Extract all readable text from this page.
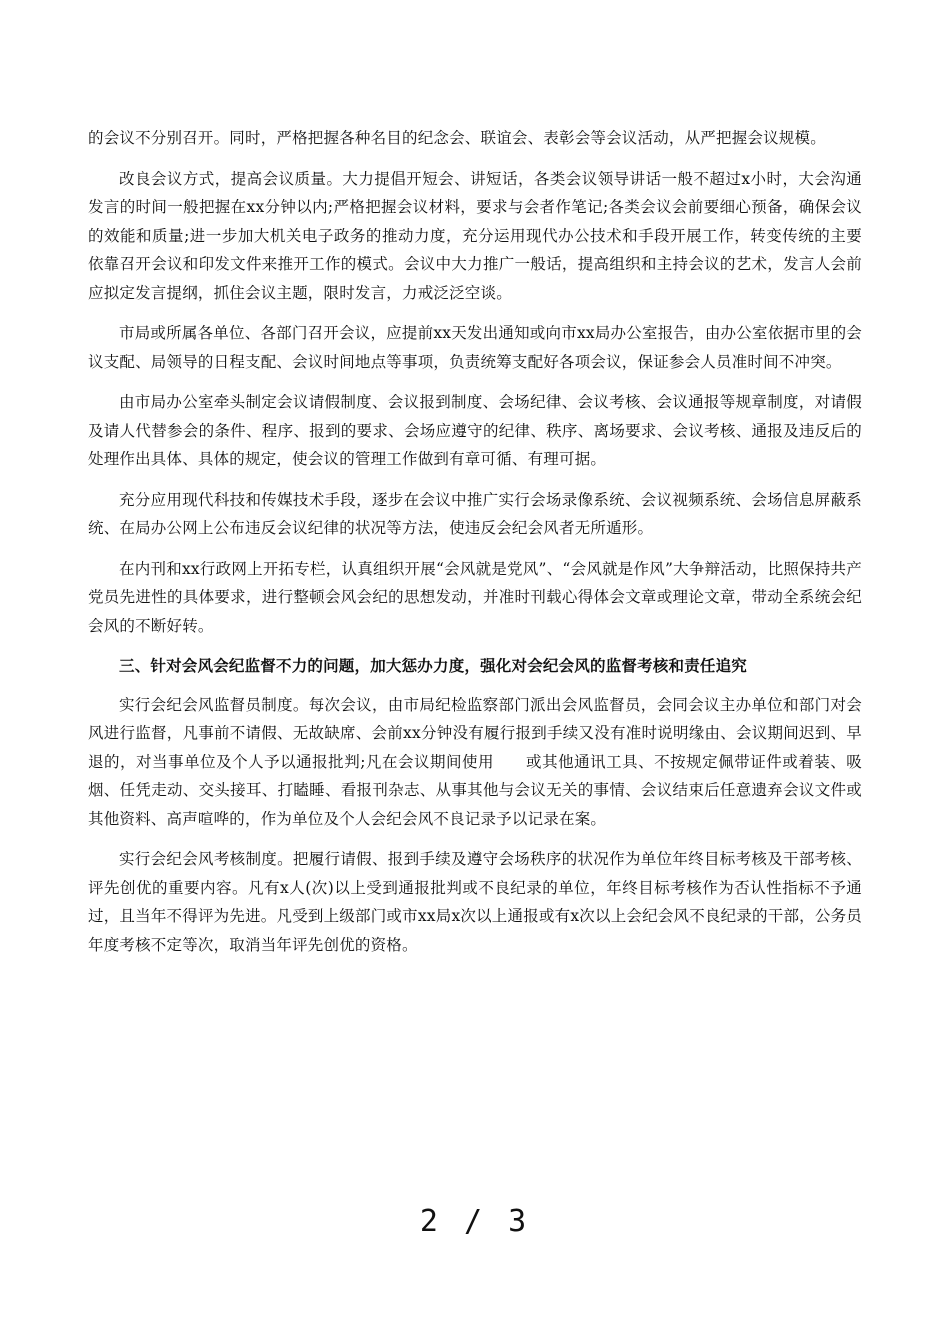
的会议不分别召开。同时，严格把握各种名目的纪念会、联谊会、表彰会等会议活动，从严把握会议规模。

改良会议方式，提高会议质量。大力提倡开短会、讲短话，各类会议领导讲话一般不超过x小时，大会沟通发言的时间一般把握在xx分钟以内;严格把握会议材料，要求与会者作笔记;各类会议会前要细心预备，确保会议的效能和质量;进一步加大机关电子政务的推动力度，充分运用现代办公技术和手段开展工作，转变传统的主要依靠召开会议和印发文件来推开工作的模式。会议中大力推广一般话，提高组织和主持会议的艺术，发言人会前应拟定发言提纲，抓住会议主题，限时发言，力戒泛泛空谈。

市局或所属各单位、各部门召开会议，应提前xx天发出通知或向市xx局办公室报告，由办公室依据市里的会议支配、局领导的日程支配、会议时间地点等事项，负责统筹支配好各项会议，保证参会人员准时间不冲突。

由市局办公室牵头制定会议请假制度、会议报到制度、会场纪律、会议考核、会议通报等规章制度，对请假及请人代替参会的条件、程序、报到的要求、会场应遵守的纪律、秩序、离场要求、会议考核、通报及违反后的处理作出具体、具体的规定，使会议的管理工作做到有章可循、有理可据。

充分应用现代科技和传媒技术手段，逐步在会议中推广实行会场录像系统、会议视频系统、会场信息屏蔽系统、在局办公网上公布违反会议纪律的状况等方法，使违反会纪会风者无所遁形。

在内刊和xx行政网上开拓专栏，认真组织开展“会风就是党风”、“会风就是作风”大争辩活动，比照保持共产党员先进性的具体要求，进行整顿会风会纪的思想发动，并准时刊载心得体会文章或理论文章，带动全系统会纪会风的不断好转。

三、针对会风会纪监督不力的问题，加大惩办力度，强化对会纪会风的监督考核和责任追究

实行会纪会风监督员制度。每次会议，由市局纪检监察部门派出会风监督员，会同会议主办单位和部门对会风进行监督，凡事前不请假、无故缺席、会前xx分钟没有履行报到手续又没有准时说明缘由、会议期间迟到、早退的，对当事单位及个人予以通报批判;凡在会议期间使用　　或其他通讯工具、不按规定佩带证件或着装、吸烟、任凭走动、交头接耳、打瞌睡、看报刊杂志、从事其他与会议无关的事情、会议结束后任意遗弃会议文件或其他资料、高声喧哗的，作为单位及个人会纪会风不良记录予以记录在案。

实行会纪会风考核制度。把履行请假、报到手续及遵守会场秩序的状况作为单位年终目标考核及干部考核、评先创优的重要内容。凡有x人(次)以上受到通报批判或不良纪录的单位，年终目标考核作为否认性指标不予通过，且当年不得评为先进。凡受到上级部门或市xx局x次以上通报或有x次以上会纪会风不良纪录的干部，公务员年度考核不定等次，取消当年评先创优的资格。

2 / 3
